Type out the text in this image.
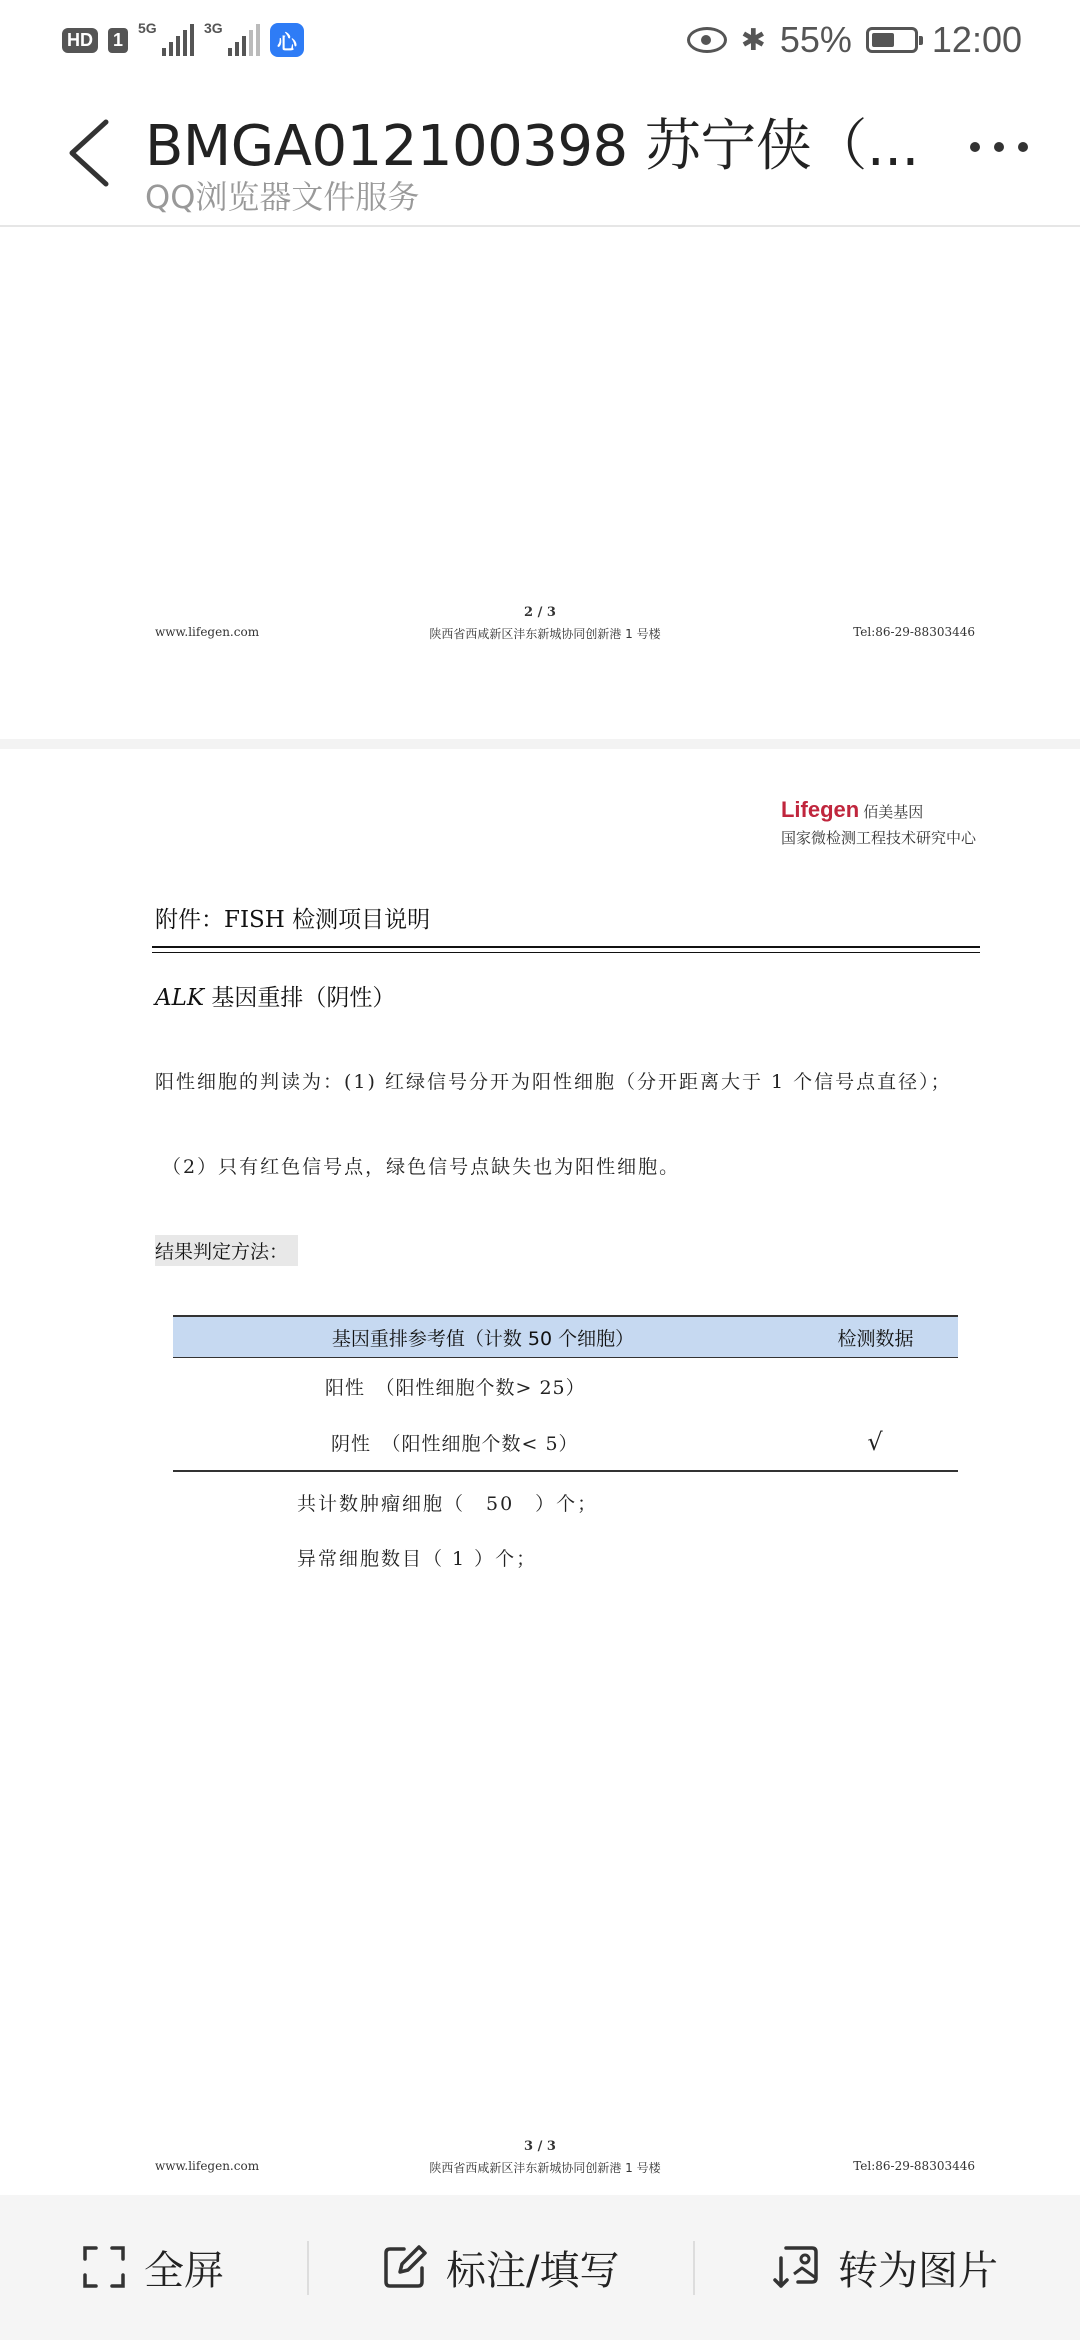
HD 1
5G	3G
⼼	✱ 55% 12:00
BMGA012100398 苏宁侠（...
QQ浏览器文件服务
2 / 3
www.lifegen.com	陕西省西咸新区沣东新城协同创新港 1 号楼	Tel:86-29-88303446
Lifegen 佰美基因
国家微检测工程技术研究中心
附件：FISH 检测项目说明
ALK 基因重排（阴性）
阳性细胞的判读为：(1) 红绿信号分开为阳性细胞（分开距离大于 1 个信号点直径）；
（2）只有红色信号点，绿色信号点缺失也为阳性细胞。
结果判定方法：
基因重排参考值（计数 50 个细胞）	检测数据
阳性　（阳性细胞个数> 25）
阴性　（阳性细胞个数< 5）	√
共计数肿瘤细胞（　50　）个；
异常细胞数目（ 1 ）个；
3 / 3
www.lifegen.com	陕西省西咸新区沣东新城协同创新港 1 号楼	Tel:86-29-88303446
全屏	标注/填写	转为图片
